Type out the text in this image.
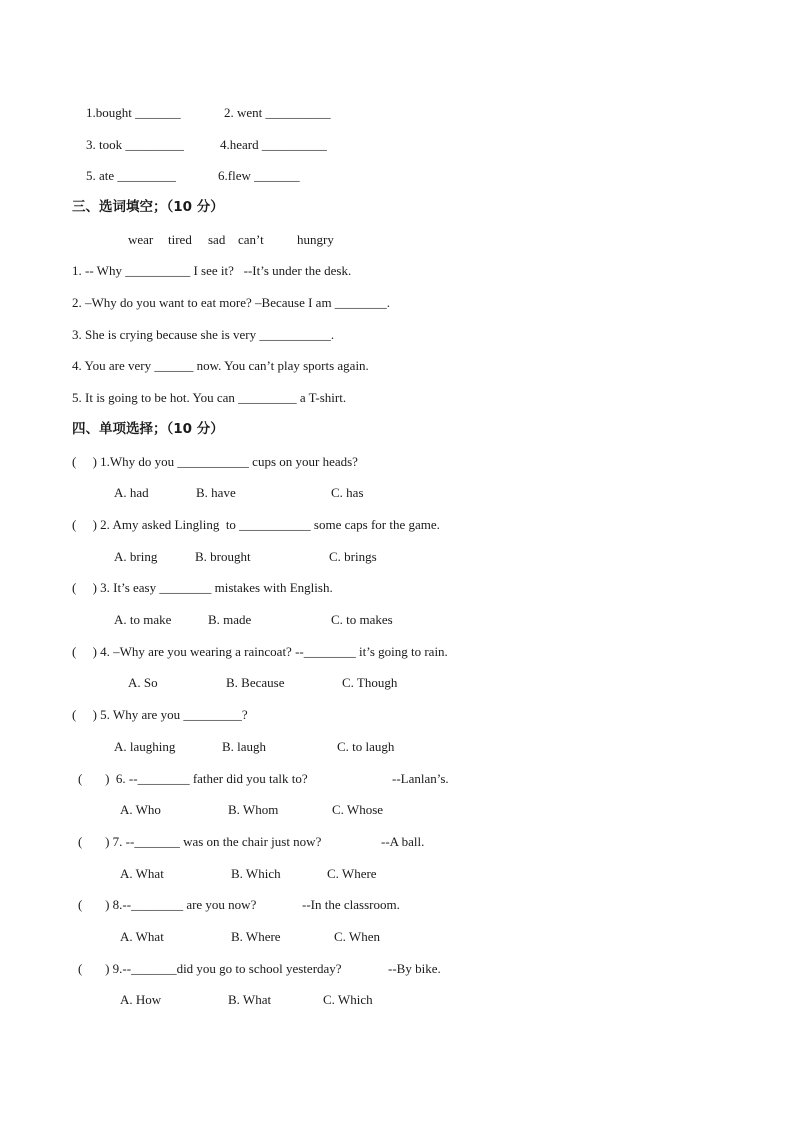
1.bought _______	2. went __________
3. took _________	4.heard __________
5. ate _________	6.flew _______
三、选词填空；（10 分）
wear tired sad can’t	hungry
1. -- Why __________ I see it?   --It’s under the desk.
2. –Why do you want to eat more? –Because I am ________.
3. She is crying because she is very ___________.
4. You are very ______ now. You can’t play sports again.
5. It is going to be hot. You can _________ a T-shirt.
四、单项选择；（10 分）
(     ) 1.Why do you ___________ cups on your heads?
A. had	B. have	C. has
(     ) 2. Amy asked Lingling  to ___________ some caps for the game.
A. bring	B. brought	C. brings
(     ) 3. It’s easy ________ mistakes with English.
A. to make	B. made	C. to makes
(     ) 4. –Why are you wearing a raincoat? --________ it’s going to rain.
A. So	B. Because	C. Though
(     ) 5. Why are you _________?
A. laughing	B. laugh	C. to laugh
(       )  6. --________ father did you talk to?	--Lanlan’s.
A. Who	B. Whom	C. Whose
(       ) 7. --_______ was on the chair just now?	--A ball.
A. What	B. Which	C. Where
(       ) 8.--________ are you now?	--In the classroom.
A. What	B. Where	C. When
(       ) 9.--_______did you go to school yesterday?	--By bike.
A. How	B. What	C. Which
